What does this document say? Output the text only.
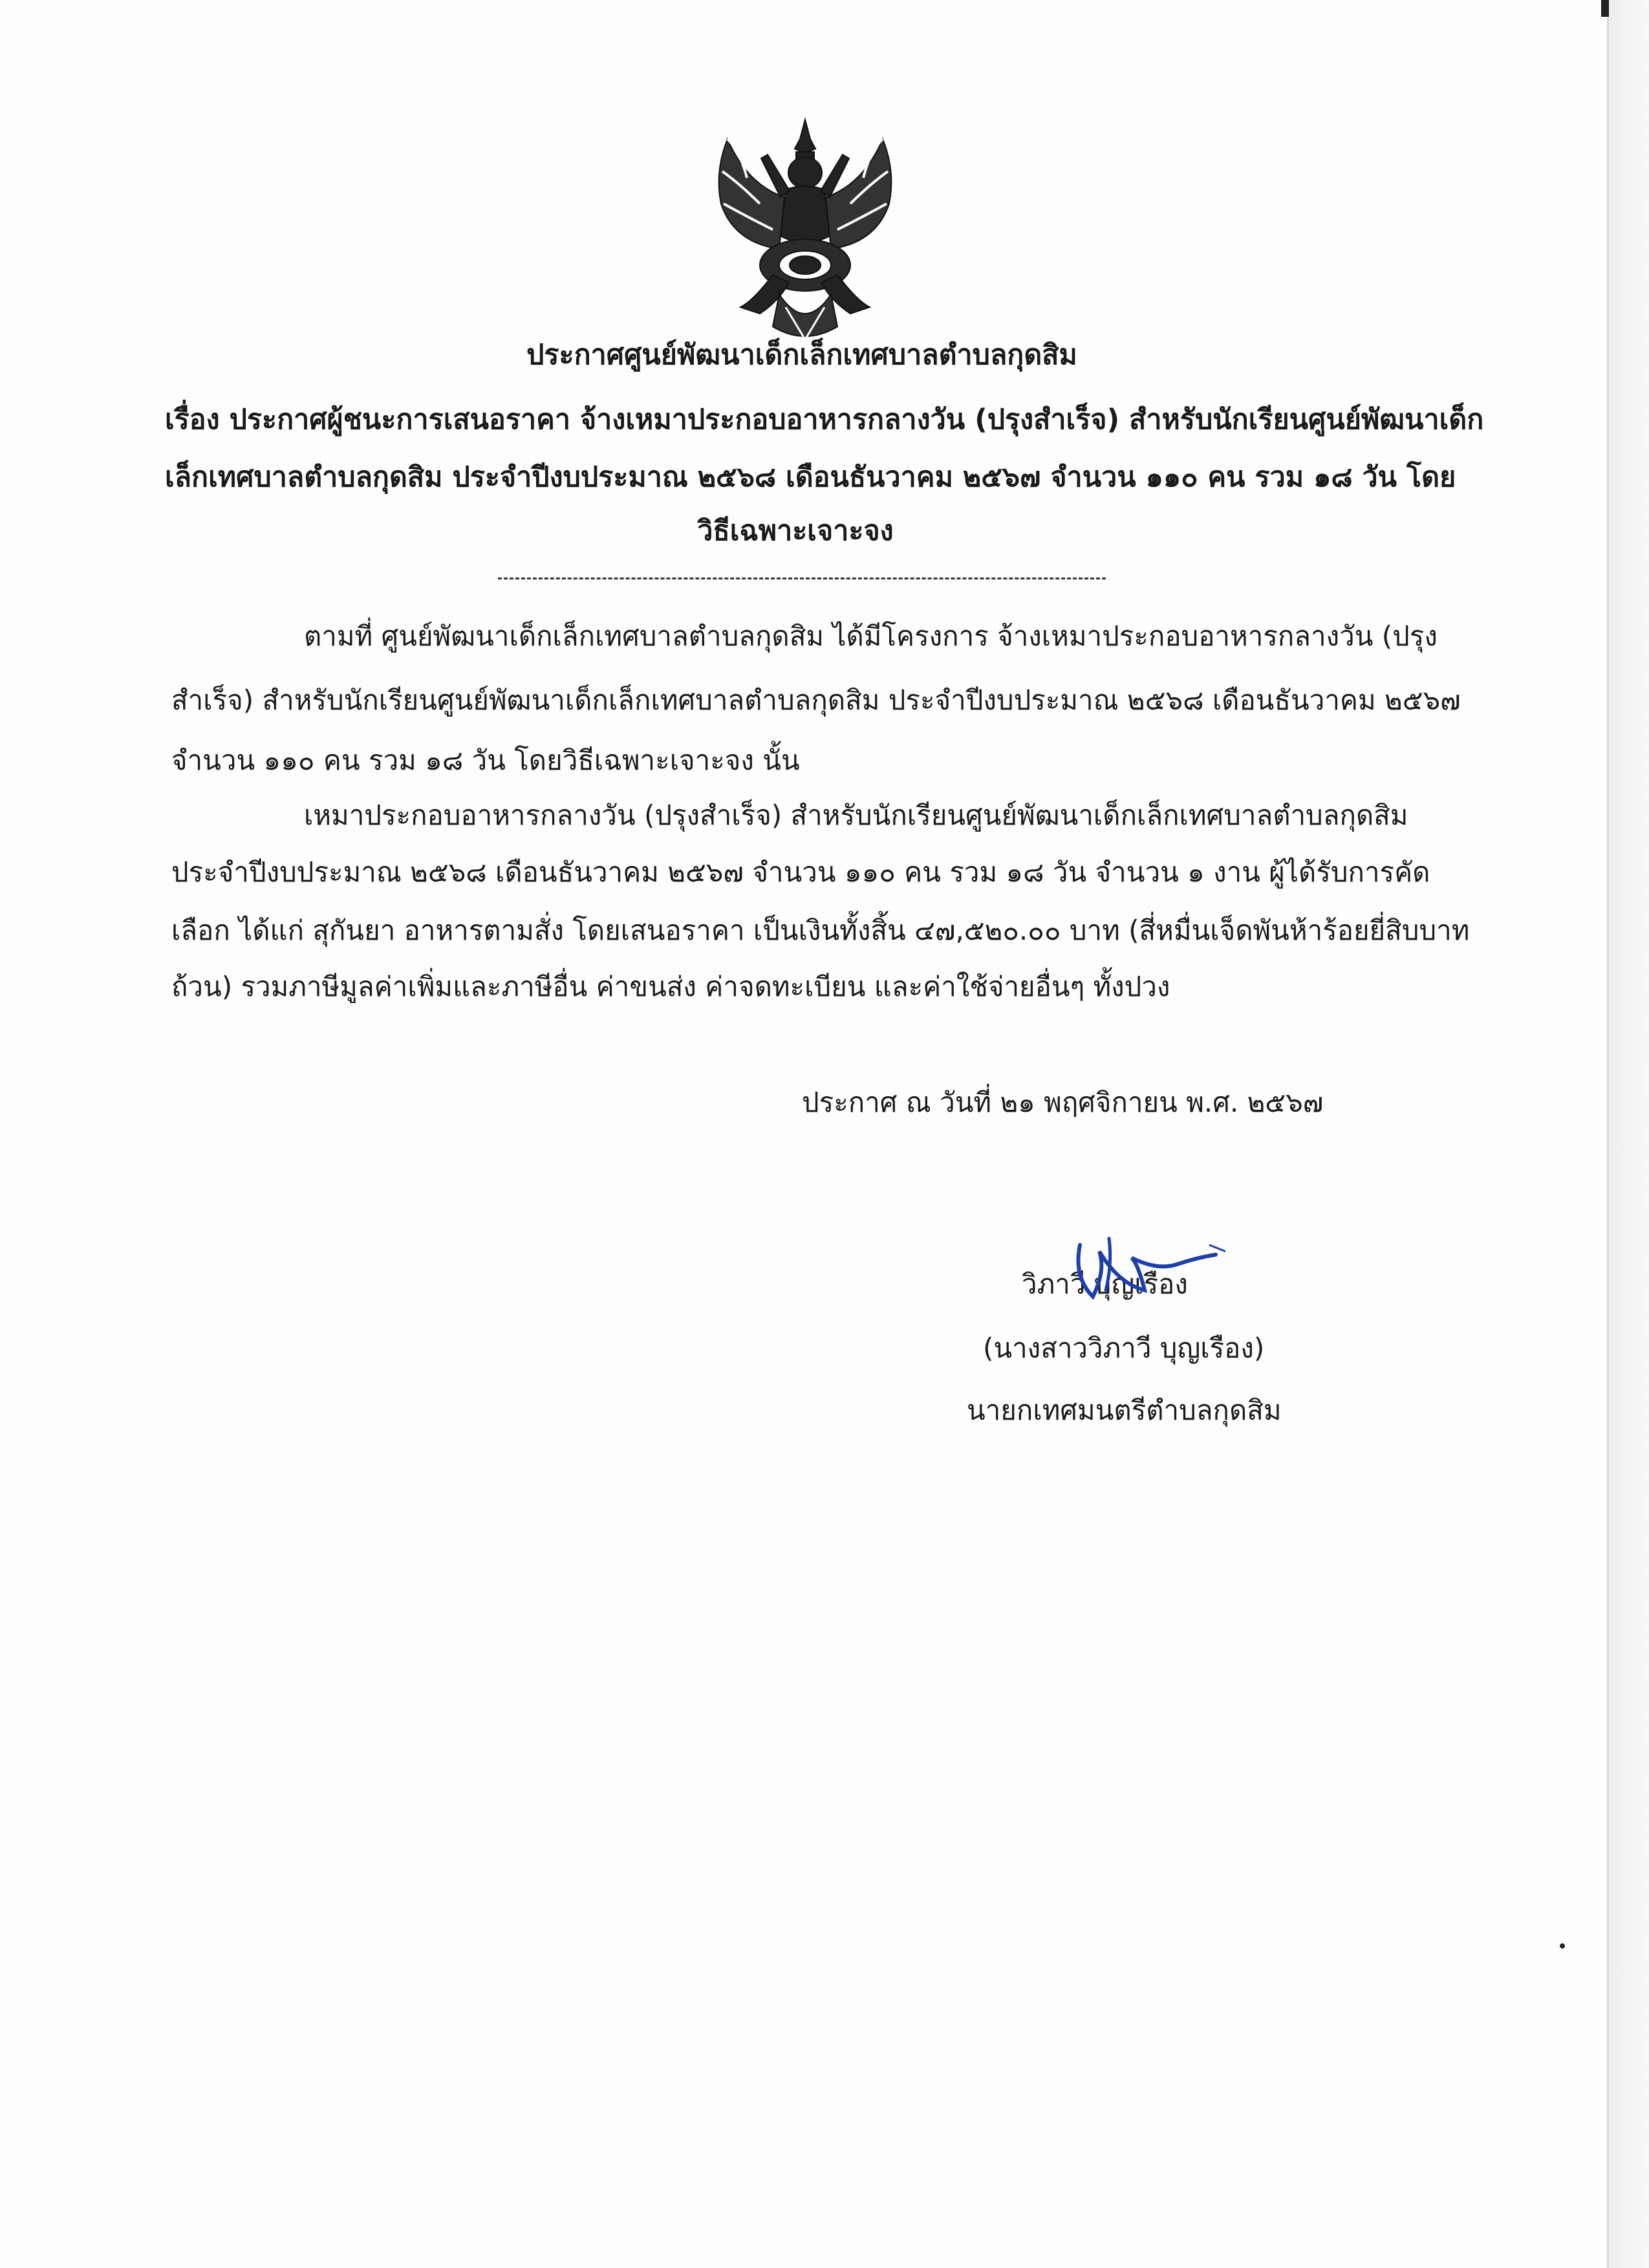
ประกาศศูนย์พัฒนาเด็กเล็กเทศบาลตำบลกุดสิม
เรื่อง ประกาศผู้ชนะการเสนอราคา จ้างเหมาประกอบอาหารกลางวัน (ปรุงสำเร็จ) สำหรับนักเรียนศูนย์พัฒนาเด็ก
เล็กเทศบาลตำบลกุดสิม ประจำปีงบประมาณ ๒๕๖๘ เดือนธันวาคม ๒๕๖๗ จำนวน ๑๑๐ คน รวม ๑๘ วัน โดย
วิธีเฉพาะเจาะจง
ตามที่ ศูนย์พัฒนาเด็กเล็กเทศบาลตำบลกุดสิม ได้มีโครงการ จ้างเหมาประกอบอาหารกลางวัน (ปรุง
สำเร็จ) สำหรับนักเรียนศูนย์พัฒนาเด็กเล็กเทศบาลตำบลกุดสิม ประจำปีงบประมาณ ๒๕๖๘ เดือนธันวาคม ๒๕๖๗
จำนวน ๑๑๐ คน รวม ๑๘ วัน โดยวิธีเฉพาะเจาะจง นั้น
เหมาประกอบอาหารกลางวัน (ปรุงสำเร็จ) สำหรับนักเรียนศูนย์พัฒนาเด็กเล็กเทศบาลตำบลกุดสิม
ประจำปีงบประมาณ ๒๕๖๘ เดือนธันวาคม ๒๕๖๗ จำนวน ๑๑๐ คน รวม ๑๘ วัน จำนวน ๑ งาน ผู้ได้รับการคัด
เลือก ได้แก่ สุกันยา อาหารตามสั่ง โดยเสนอราคา เป็นเงินทั้งสิ้น ๔๗,๕๒๐.๐๐ บาท (สี่หมื่นเจ็ดพันห้าร้อยยี่สิบบาท
ถ้วน) รวมภาษีมูลค่าเพิ่มและภาษีอื่น ค่าขนส่ง ค่าจดทะเบียน และค่าใช้จ่ายอื่นๆ ทั้งปวง
ประกาศ ณ วันที่ ๒๑ พฤศจิกายน พ.ศ. ๒๕๖๗
วิภาวี บุญเรือง
(นางสาววิภาวี บุญเรือง)
นายกเทศมนตรีตำบลกุดสิม
